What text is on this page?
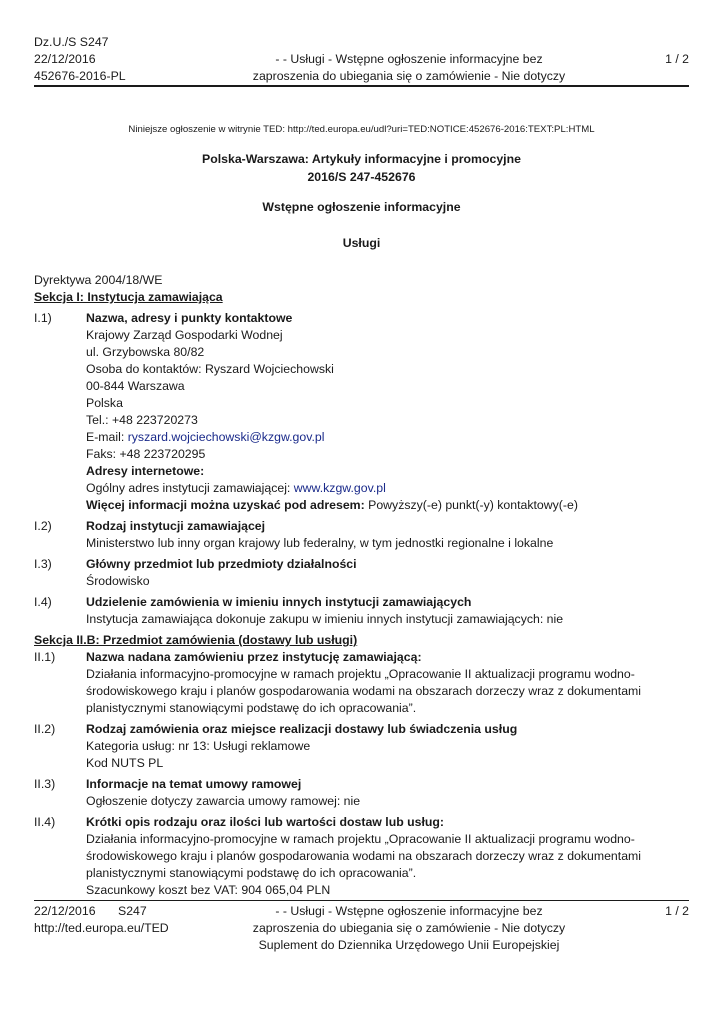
Dz.U./S S247
22/12/2016
452676-2016-PL
- - Usługi - Wstępne ogłoszenie informacyjne bez
zaproszenia do ubiegania się o zamówienie - Nie dotyczy
1 / 2
Niniejsze ogłoszenie w witrynie TED: http://ted.europa.eu/udl?uri=TED:NOTICE:452676-2016:TEXT:PL:HTML
Polska-Warszawa: Artykuły informacyjne i promocyjne
2016/S 247-452676
Wstępne ogłoszenie informacyjne
Usługi
Dyrektywa 2004/18/WE
Sekcja I: Instytucja zamawiająca
I.1)	Nazwa, adresy i punkty kontaktowe
Krajowy Zarząd Gospodarki Wodnej
ul. Grzybowska 80/82
Osoba do kontaktów: Ryszard Wojciechowski
00-844 Warszawa
Polska
Tel.: +48 223720273
E-mail: ryszard.wojciechowski@kzgw.gov.pl
Faks: +48 223720295
Adresy internetowe:
Ogólny adres instytucji zamawiającej: www.kzgw.gov.pl
Więcej informacji można uzyskać pod adresem: Powyższy(-e) punkt(-y) kontaktowy(-e)
I.2)	Rodzaj instytucji zamawiającej
Ministerstwo lub inny organ krajowy lub federalny, w tym jednostki regionalne i lokalne
I.3)	Główny przedmiot lub przedmioty działalności
Środowisko
I.4)	Udzielenie zamówienia w imieniu innych instytucji zamawiających
Instytucja zamawiająca dokonuje zakupu w imieniu innych instytucji zamawiających: nie
Sekcja II.B: Przedmiot zamówienia (dostawy lub usługi)
II.1)	Nazwa nadana zamówieniu przez instytucję zamawiającą:
Działania informacyjno-promocyjne w ramach projektu „Opracowanie II aktualizacji programu wodno-
środowiskowego kraju i planów gospodarowania wodami na obszarach dorzeczy wraz z dokumentami
planistycznymi stanowiącymi podstawę do ich opracowania”.
II.2)	Rodzaj zamówienia oraz miejsce realizacji dostawy lub świadczenia usług
Kategoria usług: nr 13: Usługi reklamowe
Kod NUTS PL
II.3)	Informacje na temat umowy ramowej
Ogłoszenie dotyczy zawarcia umowy ramowej: nie
II.4)	Krótki opis rodzaju oraz ilości lub wartości dostaw lub usług:
Działania informacyjno-promocyjne w ramach projektu „Opracowanie II aktualizacji programu wodno-
środowiskowego kraju i planów gospodarowania wodami na obszarach dorzeczy wraz z dokumentami
planistycznymi stanowiącymi podstawę do ich opracowania”.
Szacunkowy koszt bez VAT: 904 065,04 PLN
22/12/2016 S247
http://ted.europa.eu/TED
- - Usługi - Wstępne ogłoszenie informacyjne bez
zaproszenia do ubiegania się o zamówienie - Nie dotyczy
Suplement do Dziennika Urzędowego Unii Europejskiej
1 / 2
